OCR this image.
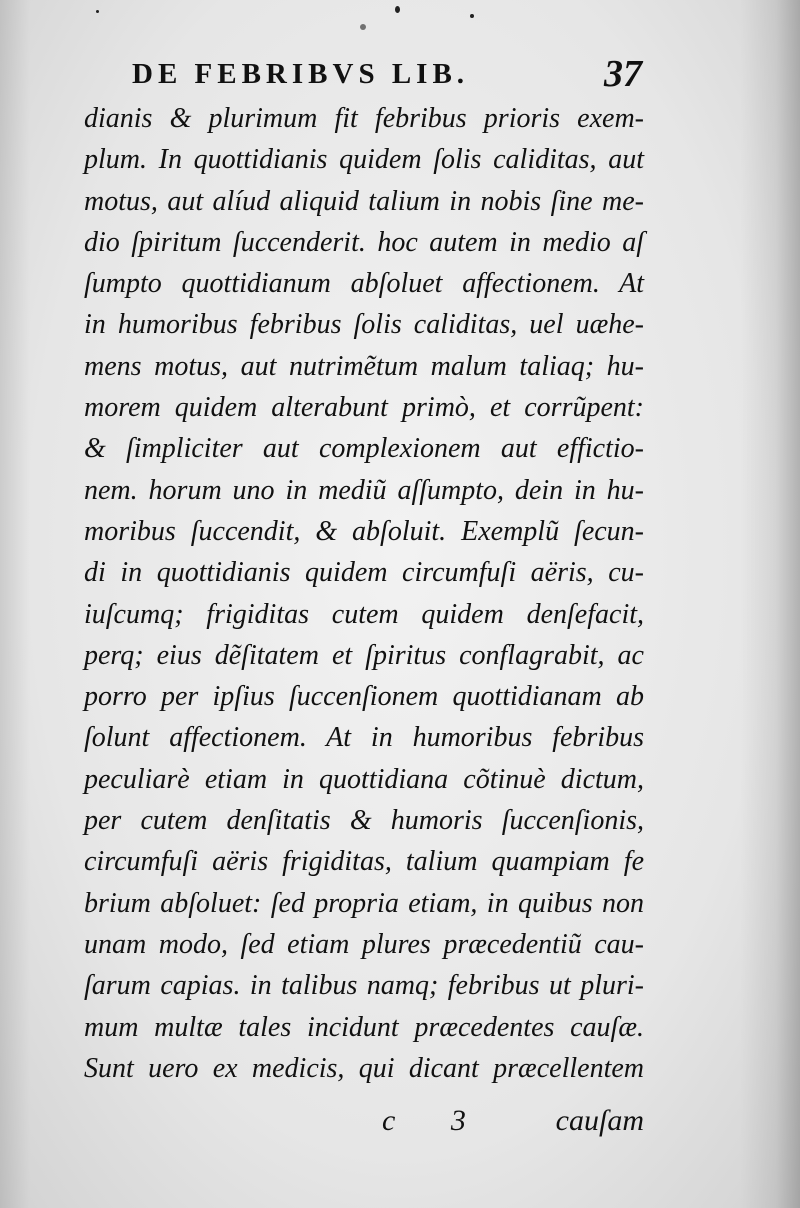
DE FEBRIBVS LIB.	37
dianis & plurimum fit febribus prioris exem-
plum. In quottidianis quidem ſolis caliditas, aut
motus, aut alíud aliquid talium in nobis ſine me-
dio ſpiritum ſuccenderit. hoc autem in medio aſ
ſumpto quottidianum abſoluet affectionem. At
in humoribus febribus ſolis caliditas, uel uæhe-
mens motus, aut nutrimẽtum malum taliaq; hu-
morem quidem alterabunt primò, et corrũpent:
& ſimpliciter aut complexionem aut effictio-
nem. horum uno in mediũ aſſumpto, dein in hu-
moribus ſuccendit, & abſoluit. Exemplũ ſecun-
di in quottidianis quidem circumfuſi aëris, cu-
iuſcumq; frigiditas cutem quidem denſefacit,
perq; eius dẽſitatem et ſpiritus conflagrabit, ac
porro per ipſius ſuccenſionem quottidianam ab
ſolunt affectionem. At in humoribus febribus
peculiarè etiam in quottidiana cõtinuè dictum,
per cutem denſitatis & humoris ſuccenſionis,
circumfuſi aëris frigiditas, talium quampiam fe
brium abſoluet: ſed propria etiam, in quibus non
unam modo, ſed etiam plures præcedentiũ cau-
ſarum capias. in talibus namq; febribus ut pluri-
mum multæ tales incidunt præcedentes cauſæ.
Sunt uero ex medicis, qui dicant præcellentem
c 3 cauſam
